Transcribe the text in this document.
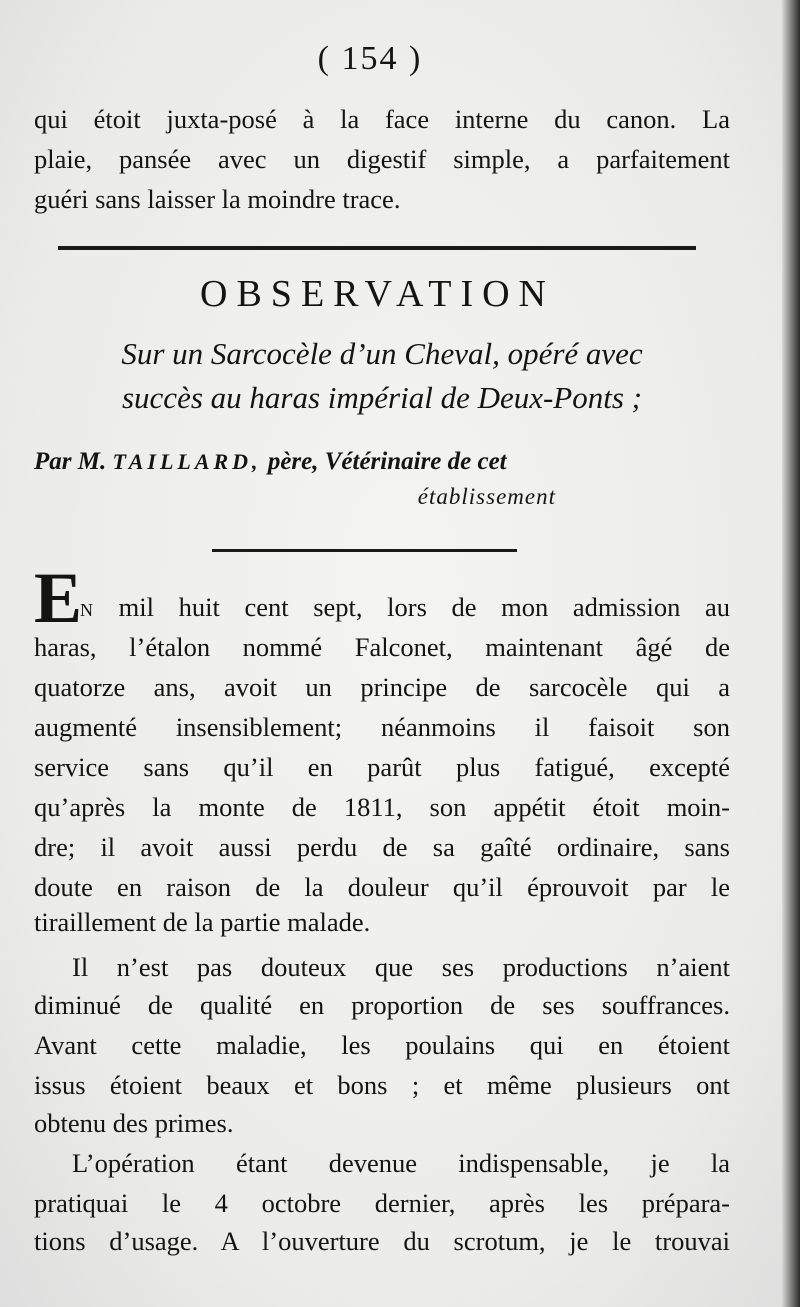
( 154 )
qui étoit juxta-posé à la face interne du canon. La
plaie, pansée avec un digestif simple, a parfaitement
guéri sans laisser la moindre trace.
OBSERVATION
Sur un Sarcocèle d’un Cheval, opéré avec
succès au haras impérial de Deux-Ponts ;
Par M. TAILLARD, père, Vétérinaire de cet
établissement
E
N mil huit cent sept, lors de mon admission au
haras, l’étalon nommé Falconet, maintenant âgé de
quatorze ans, avoit un principe de sarcocèle qui a
augmenté insensiblement; néanmoins il faisoit son
service sans qu’il en parût plus fatigué, excepté
qu’après la monte de 1811, son appétit étoit moin-
dre; il avoit aussi perdu de sa gaîté ordinaire, sans
doute en raison de la douleur qu’il éprouvoit par le
tiraillement de la partie malade.
Il n’est pas douteux que ses productions n’aient
diminué de qualité en proportion de ses souffrances.
Avant cette maladie, les poulains qui en étoient
issus étoient beaux et bons ; et même plusieurs ont
obtenu des primes.
L’opération étant devenue indispensable, je la
pratiquai le 4 octobre dernier, après les prépara-
tions d’usage. A l’ouverture du scrotum, je le trouvai
